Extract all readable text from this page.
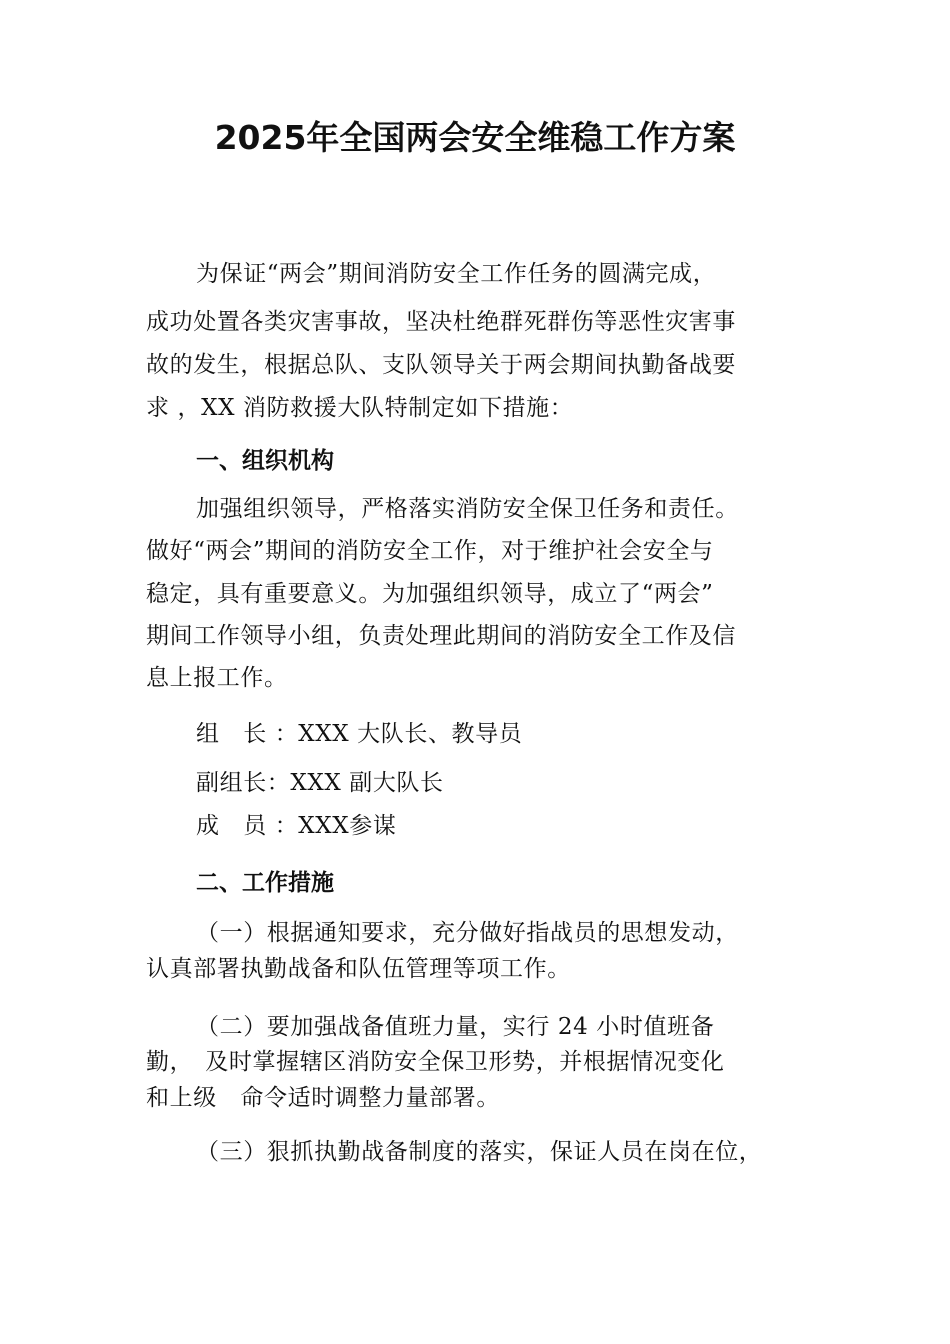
2025年全国两会安全维稳工作方案
为保证“两会”期间消防安全工作任务的圆满完成，
成功处置各类灾害事故，坚决杜绝群死群伤等恶性灾害事
故的发生，根据总队、支队领导关于两会期间执勤备战要
求 ，XX 消防救援大队特制定如下措施：
一、组织机构
加强组织领导，严格落实消防安全保卫任务和责任。
做好“两会”期间的消防安全工作，对于维护社会安全与
稳定，具有重要意义。为加强组织领导，成立了“两会”
期间工作领导小组，负责处理此期间的消防安全工作及信
息上报工作。
组　长 ：XXX 大队长、教导员
副组长：XXX 副大队长
成　员 ：XXX参谋
二、工作措施
（一）根据通知要求，充分做好指战员的思想发动，
认真部署执勤战备和队伍管理等项工作。
（二）要加强战备值班力量，实行 24 小时值班备
勤，　及时掌握辖区消防安全保卫形势，并根据情况变化
和上级　命令适时调整力量部署。
（三）狠抓执勤战备制度的落实，保证人员在岗在位，
